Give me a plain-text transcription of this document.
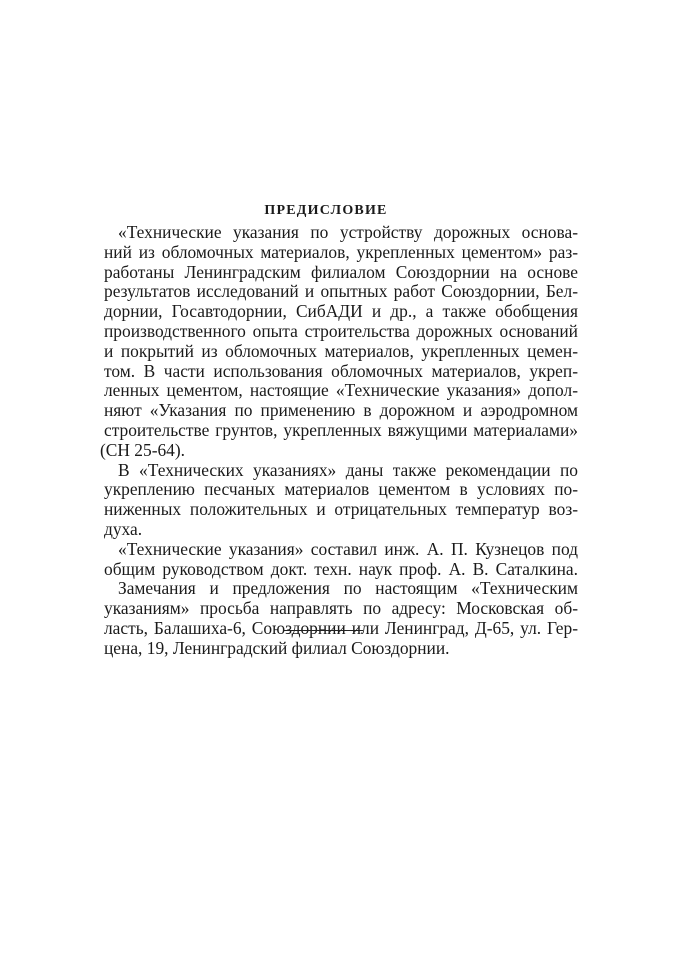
ПРЕДИСЛОВИЕ
«Технические указания по устройству дорожных основа-
ний из обломочных материалов, укрепленных цементом» раз-
работаны Ленинградским филиалом Союздорнии на основе
результатов исследований и опытных работ Союздорнии, Бел-
дорнии, Госавтодорнии, СибАДИ и др., а также обобщения
производственного опыта строительства дорожных оснований
и покрытий из обломочных материалов, укрепленных цемен-
том. В части использования обломочных материалов, укреп-
ленных цементом, настоящие «Технические указания» допол-
няют «Указания по применению в дорожном и аэродромном
строительстве грунтов, укрепленных вяжущими материалами»
(СН 25-64).
В «Технических указаниях» даны также рекомендации по
укреплению песчаных материалов цементом в условиях по-
ниженных положительных и отрицательных температур воз-
духа.
«Технические указания» составил инж. А. П. Кузнецов под
общим руководством докт. техн. наук проф. А. В. Саталкина.
Замечания и предложения по настоящим «Техническим
указаниям» просьба направлять по адресу: Московская об-
ласть, Балашиха-6, Союздорнии или Ленинград, Д-65, ул. Гер-
цена, 19, Ленинградский филиал Союздорнии.
